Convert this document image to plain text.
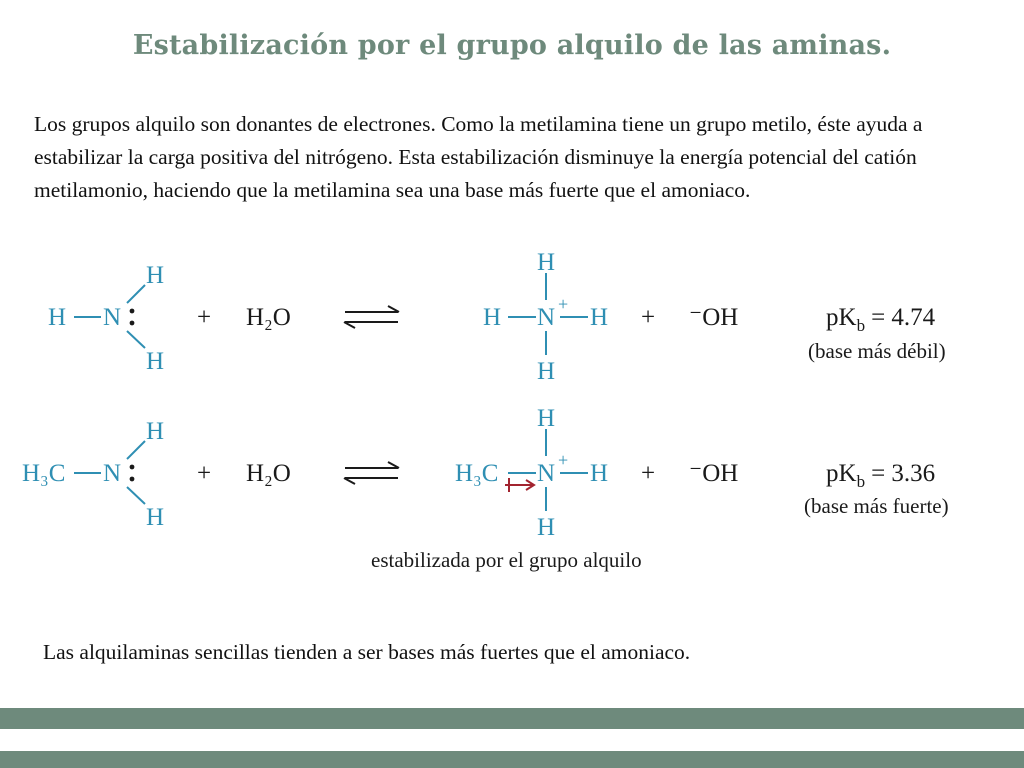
Estabilización por el grupo alquilo de las aminas.
Los grupos alquilo son donantes de electrones. Como la metilamina tiene un grupo metilo, éste ayuda a estabilizar la carga positiva del nitrógeno. Esta estabilización disminuye la energía potencial del catión metilamonio, haciendo que la metilamina sea una base más fuerte que el amoniaco.
H N
H
H
+ H₂O	H N + H
H
H
+ ⁻OH	$pK_b = 4.74$
(base más débil)
H₃C N
H
H
+ H₂O	H₃C N + H
H
H
+ ⁻OH	$pK_b = 3.36$
(base más fuerte)
estabilizada por el grupo alquilo
Las alquilaminas sencillas tienden a ser bases más fuertes que el amoniaco.
